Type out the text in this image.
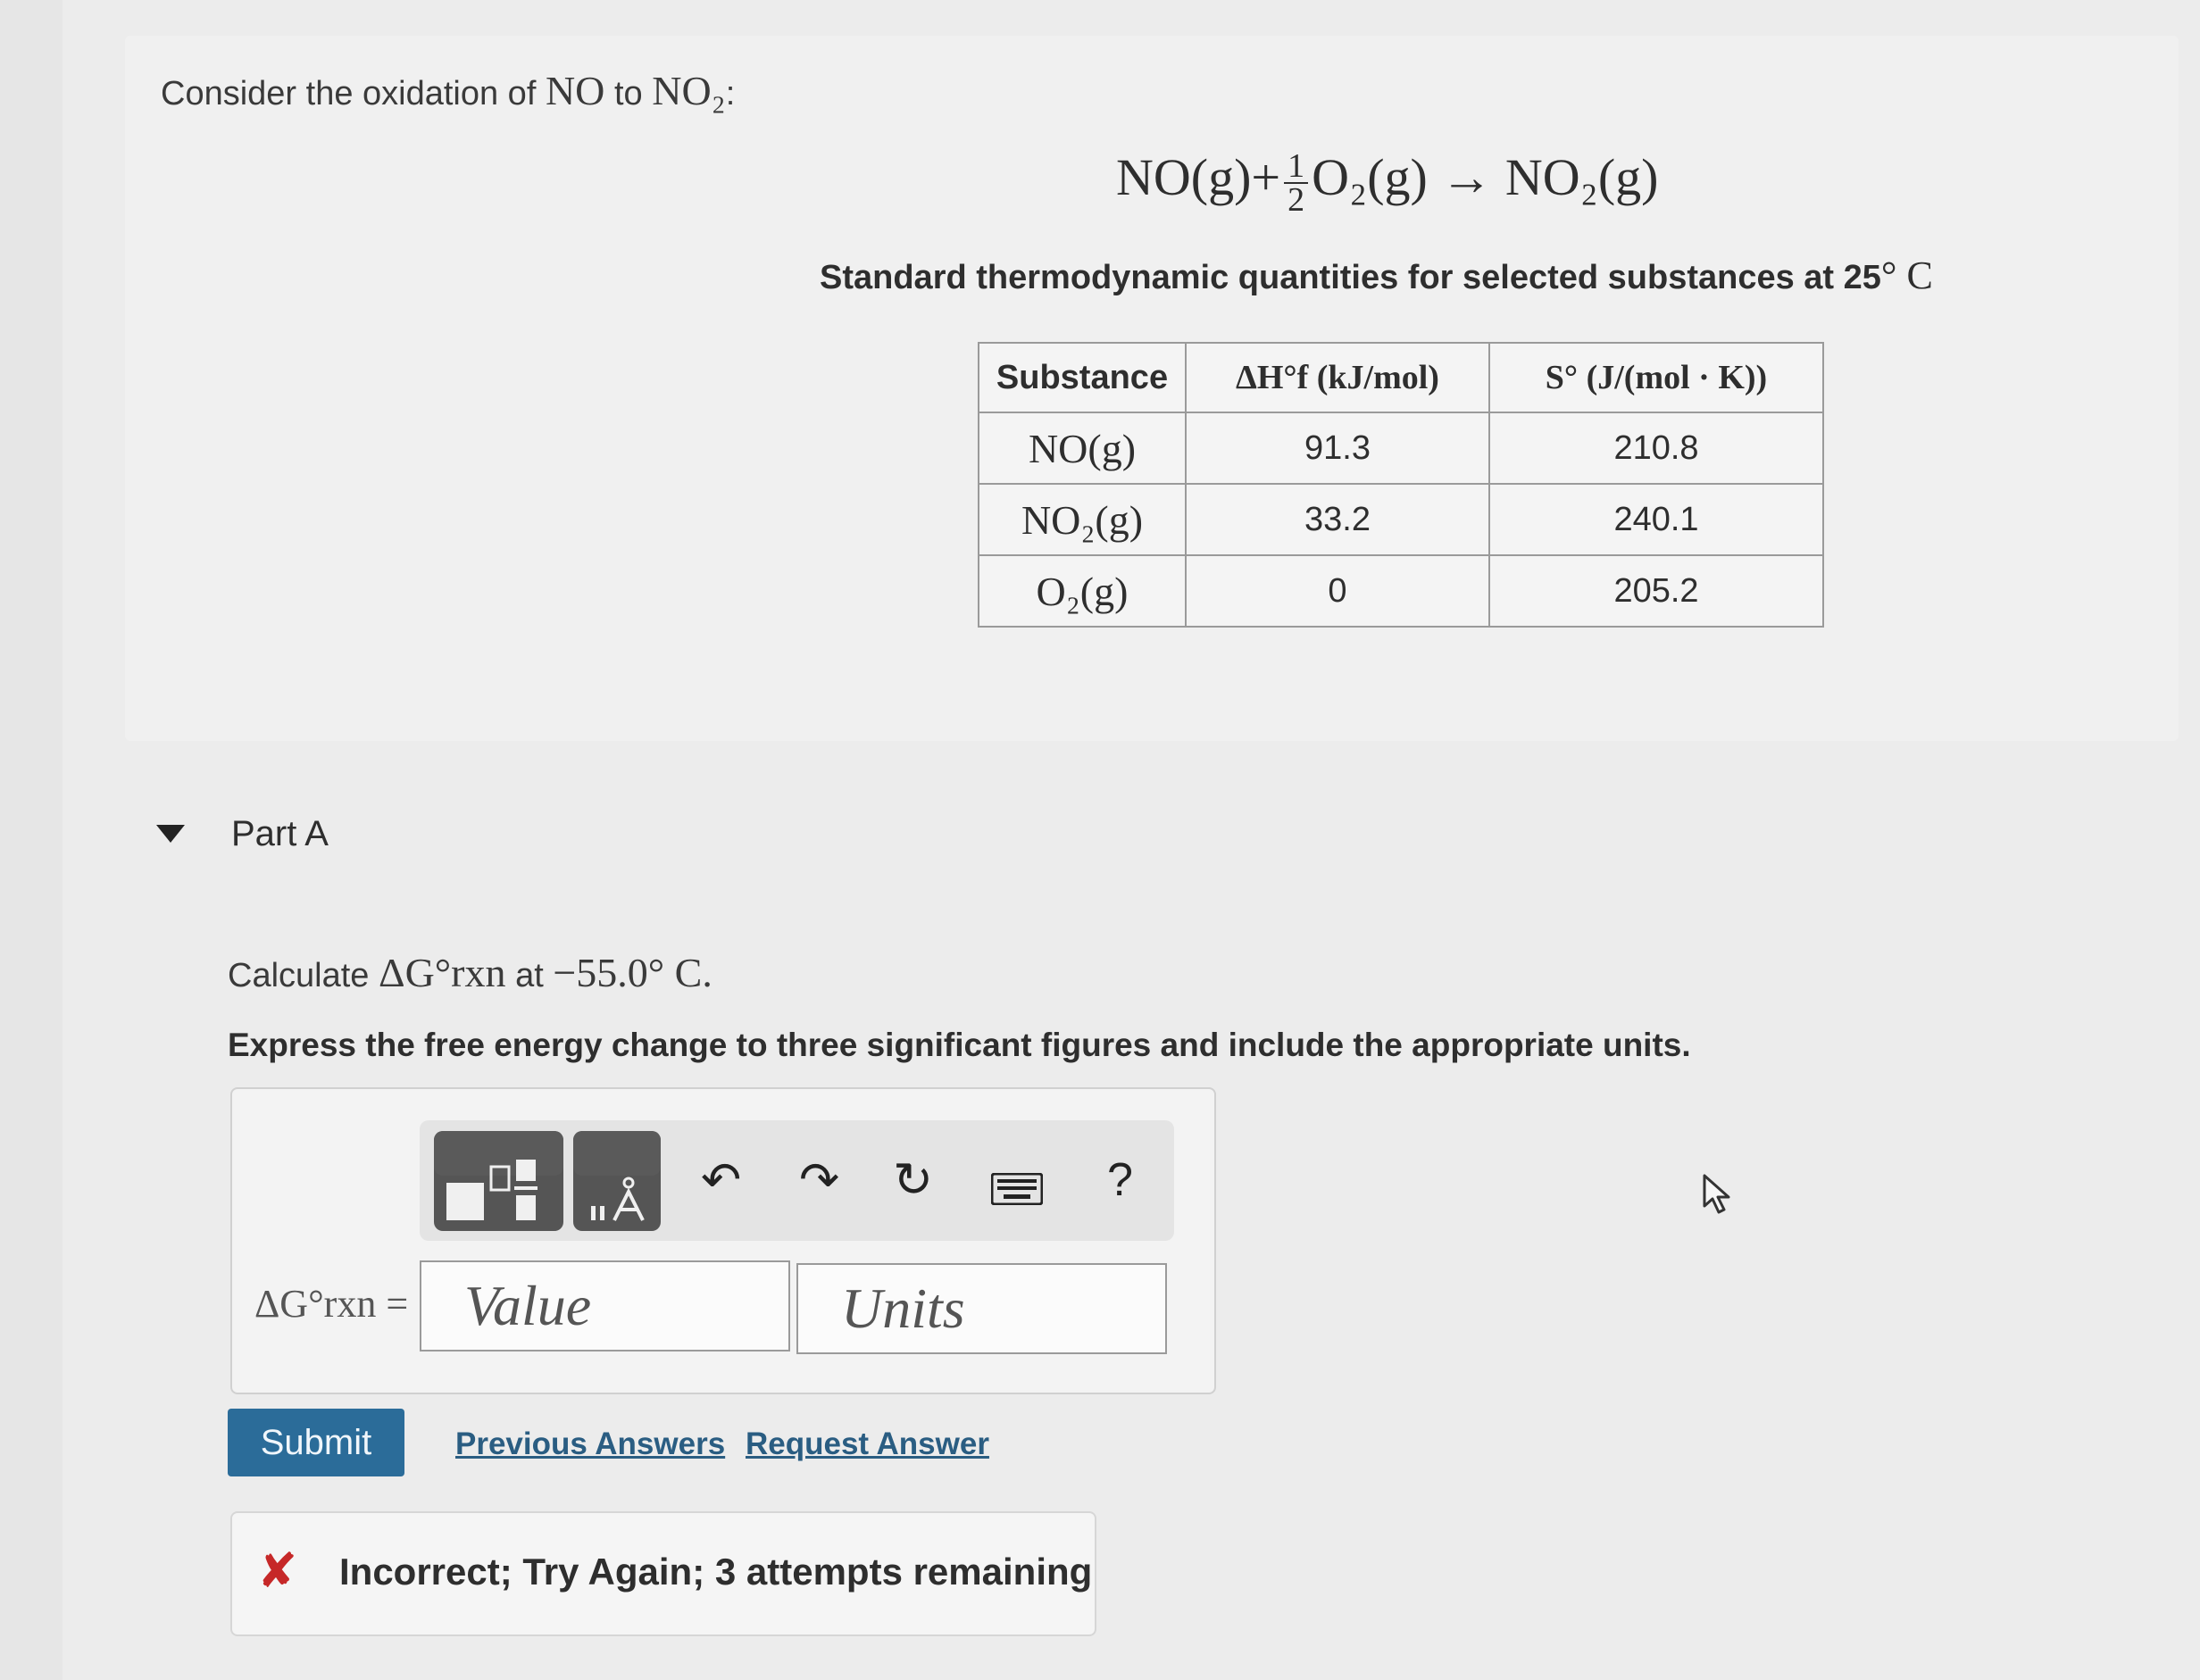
Consider the oxidation of NO to NO₂:
$NO(g)+ \frac{1}{2} O_2(g) \to NO_2(g)$
Standard thermodynamic quantities for selected substances at 25° C
Substance	ΔH°f (kJ/mol)	S° (J/(mol · K))
NO(g)	91.3	210.8
NO₂(g)	33.2	240.1
O₂(g)	0	205.2
Part A
Calculate ΔG°rxn at −55.0° C.
Express the free energy change to three significant figures and include the appropriate units.
↶ ↷ ↻	?
ΔG°rxn =
Value
Units
Submit	Previous Answers Request Answer
✘ Incorrect; Try Again; 3 attempts remaining
